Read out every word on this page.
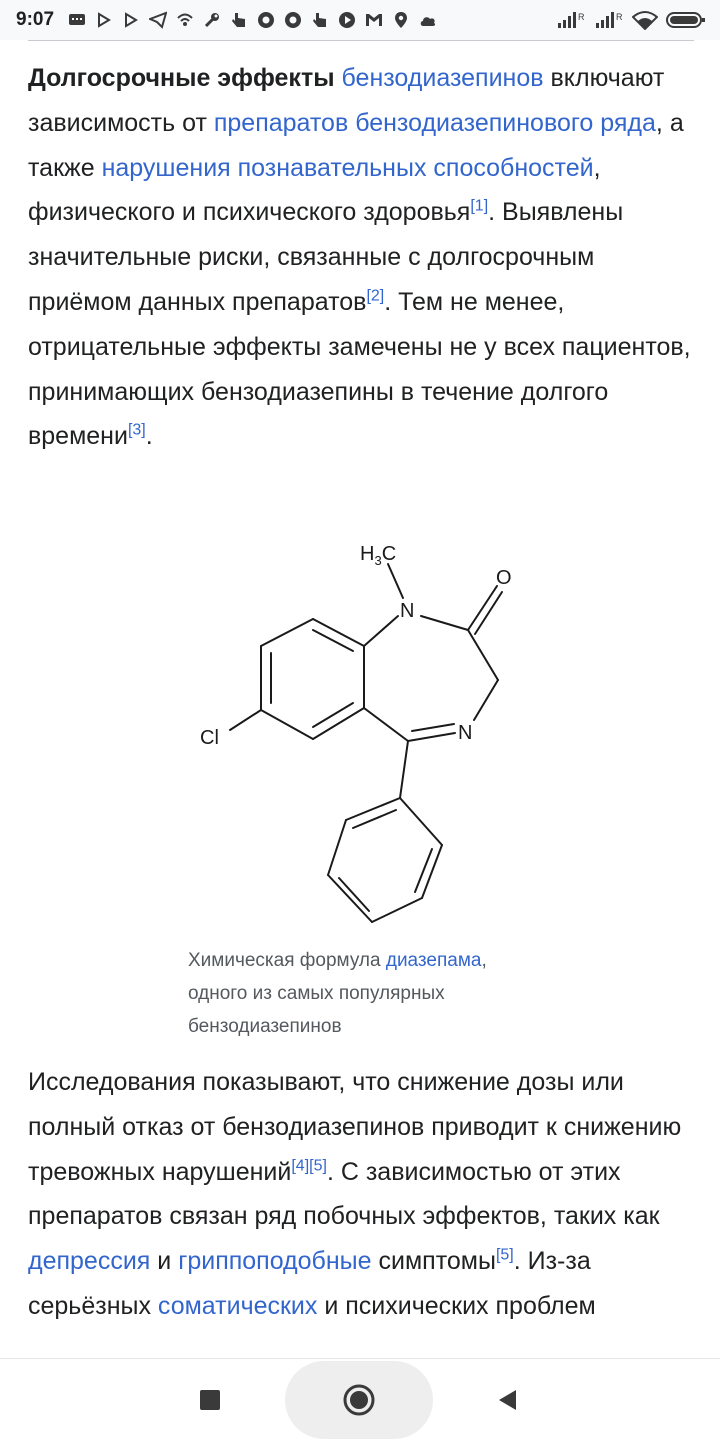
9:07	R	R

Долгосрочные эффекты бензодиазепинов включают зависимость от препаратов бензодиазепинового ряда, а также нарушения познавательных способностей, физического и психического здоровья[1]. Выявлены значительные риски, связанные с долгосрочным приёмом данных препаратов[2]. Тем не менее, отрицательные эффекты замечены не у всех пациентов, принимающих бензодиазепины в течение долгого времени[3].

$H_3C$
N
O
N
Cl
Химическая формула диазепама, одного из самых популярных бензодиазепинов

Исследования показывают, что снижение дозы или полный отказ от бензодиазепинов приводит к снижению тревожных нарушений[4][5]. С зависимостью от этих препаратов связан ряд побочных эффектов, таких как депрессия и гриппоподобные симптомы[5]. Из-за серьёзных соматических и психических проблем
